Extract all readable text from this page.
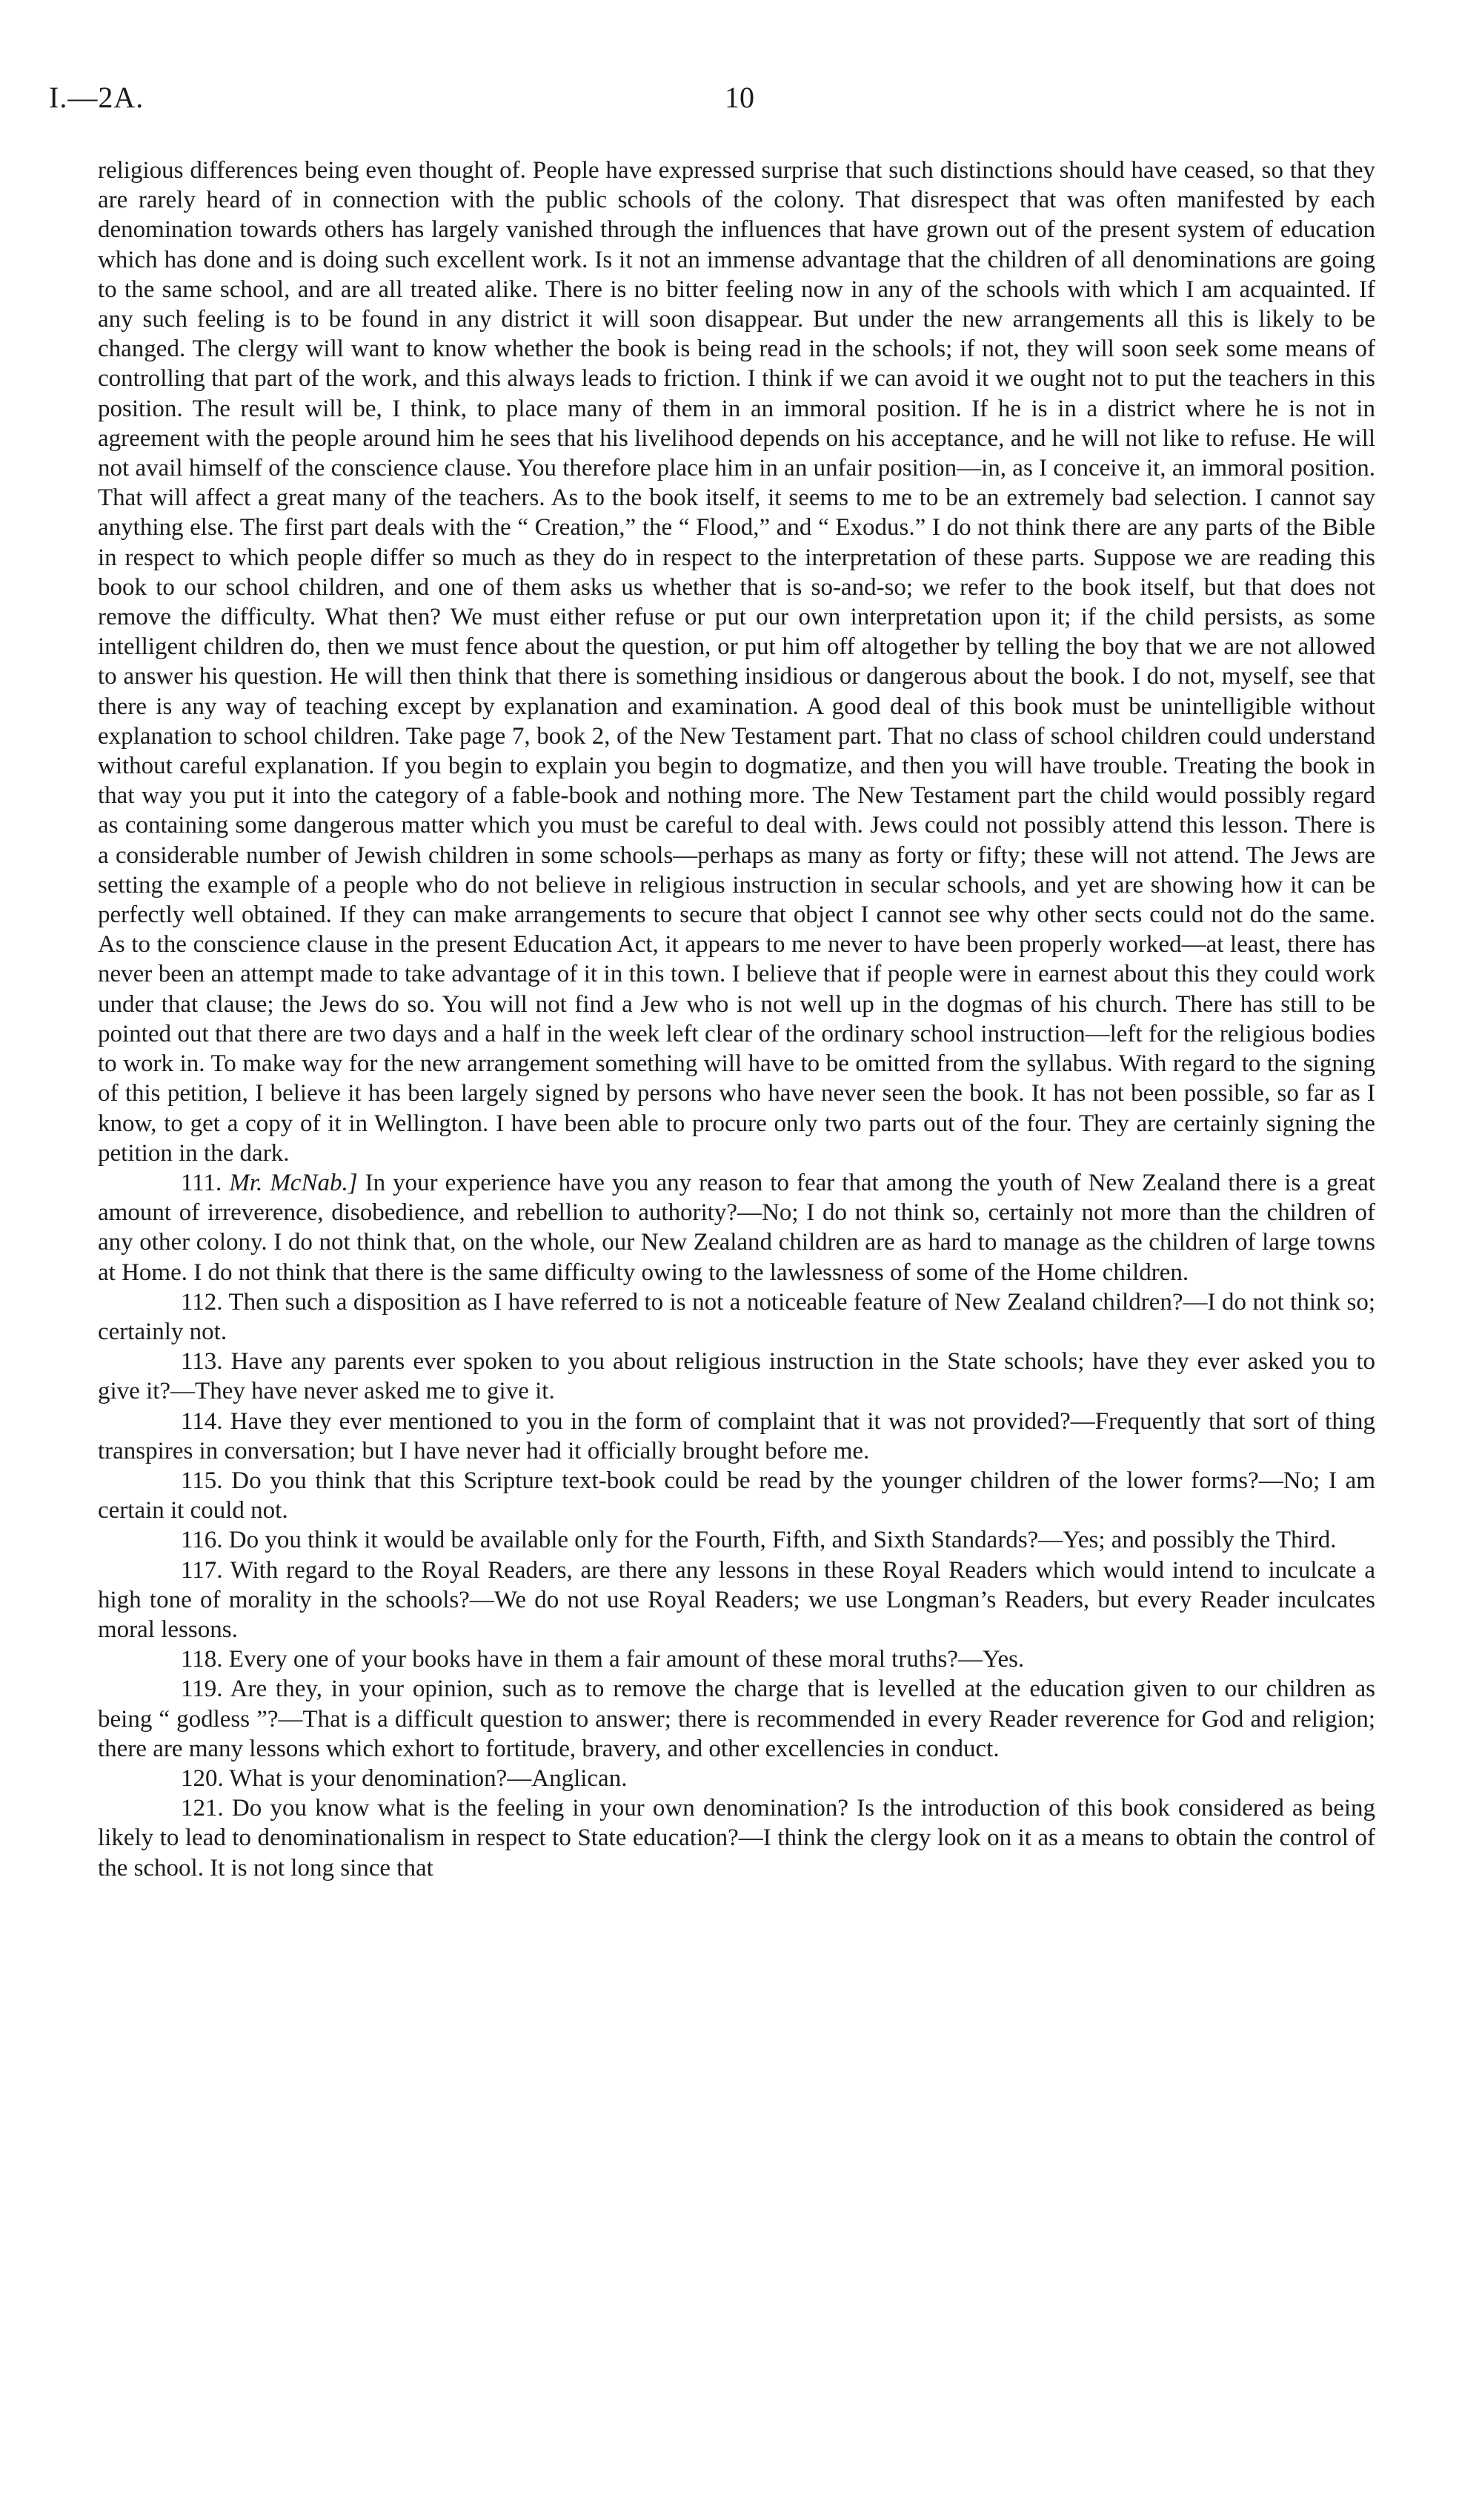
I.—2A.	10

religious differences being even thought of. People have expressed surprise that such distinctions should have ceased, so that they are rarely heard of in connection with the public schools of the colony. That disrespect that was often manifested by each denomination towards others has largely vanished through the influences that have grown out of the present system of education which has done and is doing such excellent work. Is it not an immense advantage that the children of all denominations are going to the same school, and are all treated alike. There is no bitter feeling now in any of the schools with which I am acquainted. If any such feeling is to be found in any district it will soon disappear. But under the new arrangements all this is likely to be changed. The clergy will want to know whether the book is being read in the schools; if not, they will soon seek some means of controlling that part of the work, and this always leads to friction. I think if we can avoid it we ought not to put the teachers in this position. The result will be, I think, to place many of them in an immoral position. If he is in a district where he is not in agreement with the people around him he sees that his livelihood depends on his acceptance, and he will not like to refuse. He will not avail himself of the conscience clause. You therefore place him in an unfair position—in, as I conceive it, an immoral position. That will affect a great many of the teachers. As to the book itself, it seems to me to be an extremely bad selection. I cannot say anything else. The first part deals with the “ Creation,” the “ Flood,” and “ Exodus.” I do not think there are any parts of the Bible in respect to which people differ so much as they do in respect to the interpretation of these parts. Suppose we are reading this book to our school children, and one of them asks us whether that is so-and-so; we refer to the book itself, but that does not remove the difficulty. What then? We must either refuse or put our own interpretation upon it; if the child persists, as some intelligent children do, then we must fence about the question, or put him off altogether by telling the boy that we are not allowed to answer his question. He will then think that there is something insidious or dangerous about the book. I do not, myself, see that there is any way of teaching except by explanation and examination. A good deal of this book must be unintelligible without explanation to school children. Take page 7, book 2, of the New Testament part. That no class of school children could understand without careful explanation. If you begin to explain you begin to dogmatize, and then you will have trouble. Treating the book in that way you put it into the category of a fable-book and nothing more. The New Testament part the child would possibly regard as containing some dangerous matter which you must be careful to deal with. Jews could not possibly attend this lesson. There is a considerable number of Jewish children in some schools—perhaps as many as forty or fifty; these will not attend. The Jews are setting the example of a people who do not believe in religious instruction in secular schools, and yet are showing how it can be perfectly well obtained. If they can make arrangements to secure that object I cannot see why other sects could not do the same. As to the conscience clause in the present Education Act, it appears to me never to have been properly worked—at least, there has never been an attempt made to take advantage of it in this town. I believe that if people were in earnest about this they could work under that clause; the Jews do so. You will not find a Jew who is not well up in the dogmas of his church. There has still to be pointed out that there are two days and a half in the week left clear of the ordinary school instruction—left for the religious bodies to work in. To make way for the new arrangement something will have to be omitted from the syllabus. With regard to the signing of this petition, I believe it has been largely signed by persons who have never seen the book. It has not been possible, so far as I know, to get a copy of it in Wellington. I have been able to procure only two parts out of the four. They are certainly signing the petition in the dark.

111. Mr. McNab.] In your experience have you any reason to fear that among the youth of New Zealand there is a great amount of irreverence, disobedience, and rebellion to authority?—No; I do not think so, certainly not more than the children of any other colony. I do not think that, on the whole, our New Zealand children are as hard to manage as the children of large towns at Home. I do not think that there is the same difficulty owing to the lawlessness of some of the Home children.

112. Then such a disposition as I have referred to is not a noticeable feature of New Zealand children?—I do not think so; certainly not.

113. Have any parents ever spoken to you about religious instruction in the State schools; have they ever asked you to give it?—They have never asked me to give it.

114. Have they ever mentioned to you in the form of complaint that it was not provided?—Frequently that sort of thing transpires in conversation; but I have never had it officially brought before me.

115. Do you think that this Scripture text-book could be read by the younger children of the lower forms?—No; I am certain it could not.

116. Do you think it would be available only for the Fourth, Fifth, and Sixth Standards?—Yes; and possibly the Third.

117. With regard to the Royal Readers, are there any lessons in these Royal Readers which would intend to inculcate a high tone of morality in the schools?—We do not use Royal Readers; we use Longman’s Readers, but every Reader inculcates moral lessons.

118. Every one of your books have in them a fair amount of these moral truths?—Yes.

119. Are they, in your opinion, such as to remove the charge that is levelled at the education given to our children as being “ godless ”?—That is a difficult question to answer; there is recommended in every Reader reverence for God and religion; there are many lessons which exhort to fortitude, bravery, and other excellencies in conduct.

120. What is your denomination?—Anglican.

121. Do you know what is the feeling in your own denomination? Is the introduction of this book considered as being likely to lead to denominationalism in respect to State education?—I think the clergy look on it as a means to obtain the control of the school. It is not long since that
